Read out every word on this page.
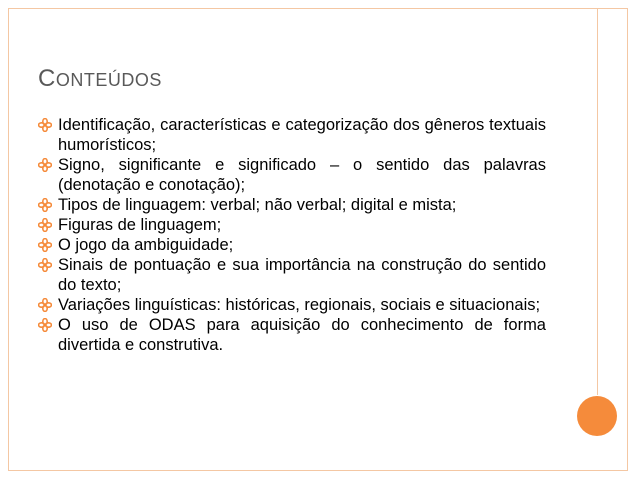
CONTEÚDOS
Identificação, características e categorização dos gêneros textuais humorísticos;
Signo, significante e significado – o sentido das palavras (denotação e conotação);
Tipos de linguagem: verbal; não verbal; digital e mista;
Figuras de linguagem;
O jogo da ambiguidade;
Sinais de pontuação e sua importância na construção do sentido do texto;
Variações linguísticas: históricas, regionais, sociais e situacionais;
O uso de ODAS para aquisição do conhecimento de forma divertida e construtiva.
